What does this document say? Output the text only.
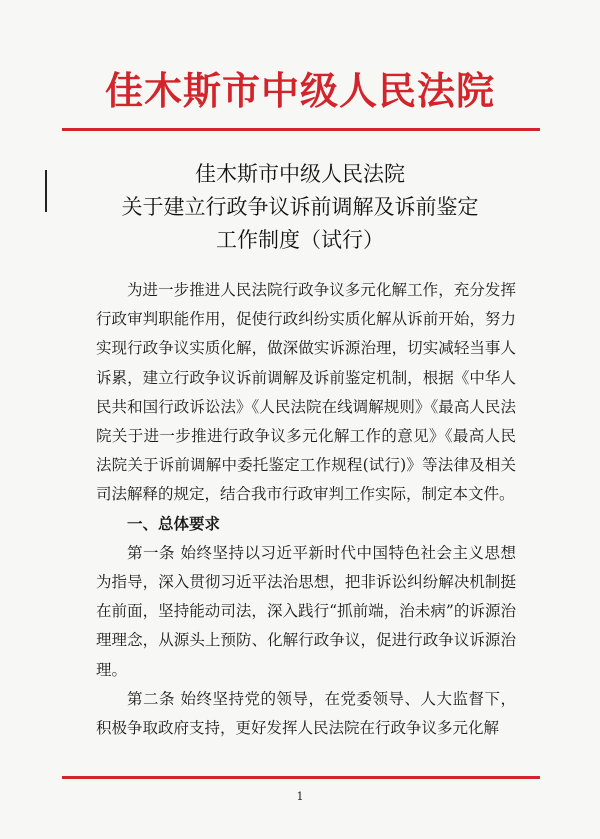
佳木斯市中级人民法院
佳木斯市中级人民法院
关于建立行政争议诉前调解及诉前鉴定
工作制度（试行）

为进一步推进人民法院行政争议多元化解工作，充分发挥行政审判职能作用，促使行政纠纷实质化解从诉前开始，努力实现行政争议实质化解，做深做实诉源治理，切实减轻当事人诉累，建立行政争议诉前调解及诉前鉴定机制，根据《中华人民共和国行政诉讼法》《人民法院在线调解规则》《最高人民法院关于进一步推进行政争议多元化解工作的意见》《最高人民法院关于诉前调解中委托鉴定工作规程(试行)》等法律及相关司法解释的规定，结合我市行政审判工作实际，制定本文件。

一、总体要求

第一条 始终坚持以习近平新时代中国特色社会主义思想为指导，深入贯彻习近平法治思想，把非诉讼纠纷解决机制挺在前面，坚持能动司法，深入践行“抓前端，治未病”的诉源治理理念，从源头上预防、化解行政争议，促进行政争议诉源治理。

第二条 始终坚持党的领导，在党委领导、人大监督下，积极争取政府支持，更好发挥人民法院在行政争议多元化解

1
